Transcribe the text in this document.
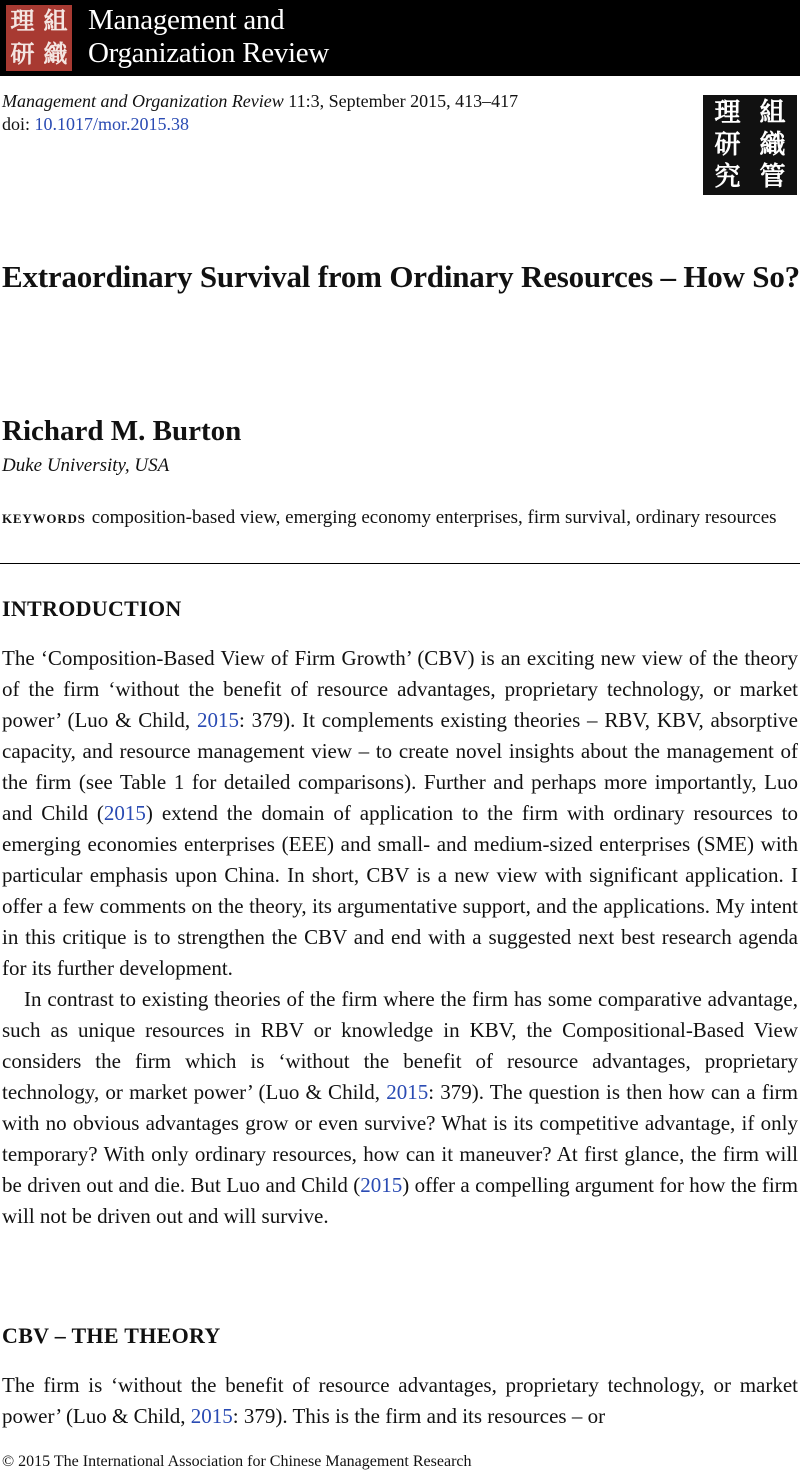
理 組
研 織
Management and
Organization Review
Management and Organization Review 11:3, September 2015, 413–417
doi: 10.1017/mor.2015.38	理 組
研 織
究 管
Extraordinary Survival from Ordinary Resources – How So?
Richard M. Burton
Duke University, USA
KEYWORDS composition-based view, emerging economy enterprises, firm survival, ordinary resources
INTRODUCTION

The ‘Composition-Based View of Firm Growth’ (CBV) is an exciting new view of the theory of the firm ‘without the benefit of resource advantages, proprietary technology, or market power’ (Luo & Child, 2015: 379). It complements existing theories – RBV, KBV, absorptive capacity, and resource management view – to create novel insights about the management of the firm (see Table 1 for detailed comparisons). Further and perhaps more importantly, Luo and Child (2015) extend the domain of application to the firm with ordinary resources to emerging economies enterprises (EEE) and small- and medium-sized enterprises (SME) with particular emphasis upon China. In short, CBV is a new view with significant application. I offer a few comments on the theory, its argumentative support, and the applications. My intent in this critique is to strengthen the CBV and end with a suggested next best research agenda for its further development.

In contrast to existing theories of the firm where the firm has some comparative advantage, such as unique resources in RBV or knowledge in KBV, the Compositional-Based View considers the firm which is ‘without the benefit of resource advantages, proprietary technology, or market power’ (Luo & Child, 2015: 379). The question is then how can a firm with no obvious advantages grow or even survive? What is its competitive advantage, if only temporary? With only ordinary resources, how can it maneuver? At first glance, the firm will be driven out and die. But Luo and Child (2015) offer a compelling argument for how the firm will not be driven out and will survive.

CBV – THE THEORY

The firm is ‘without the benefit of resource advantages, proprietary technology, or market power’ (Luo & Child, 2015: 379). This is the firm and its resources – or

© 2015 The International Association for Chinese Management Research
